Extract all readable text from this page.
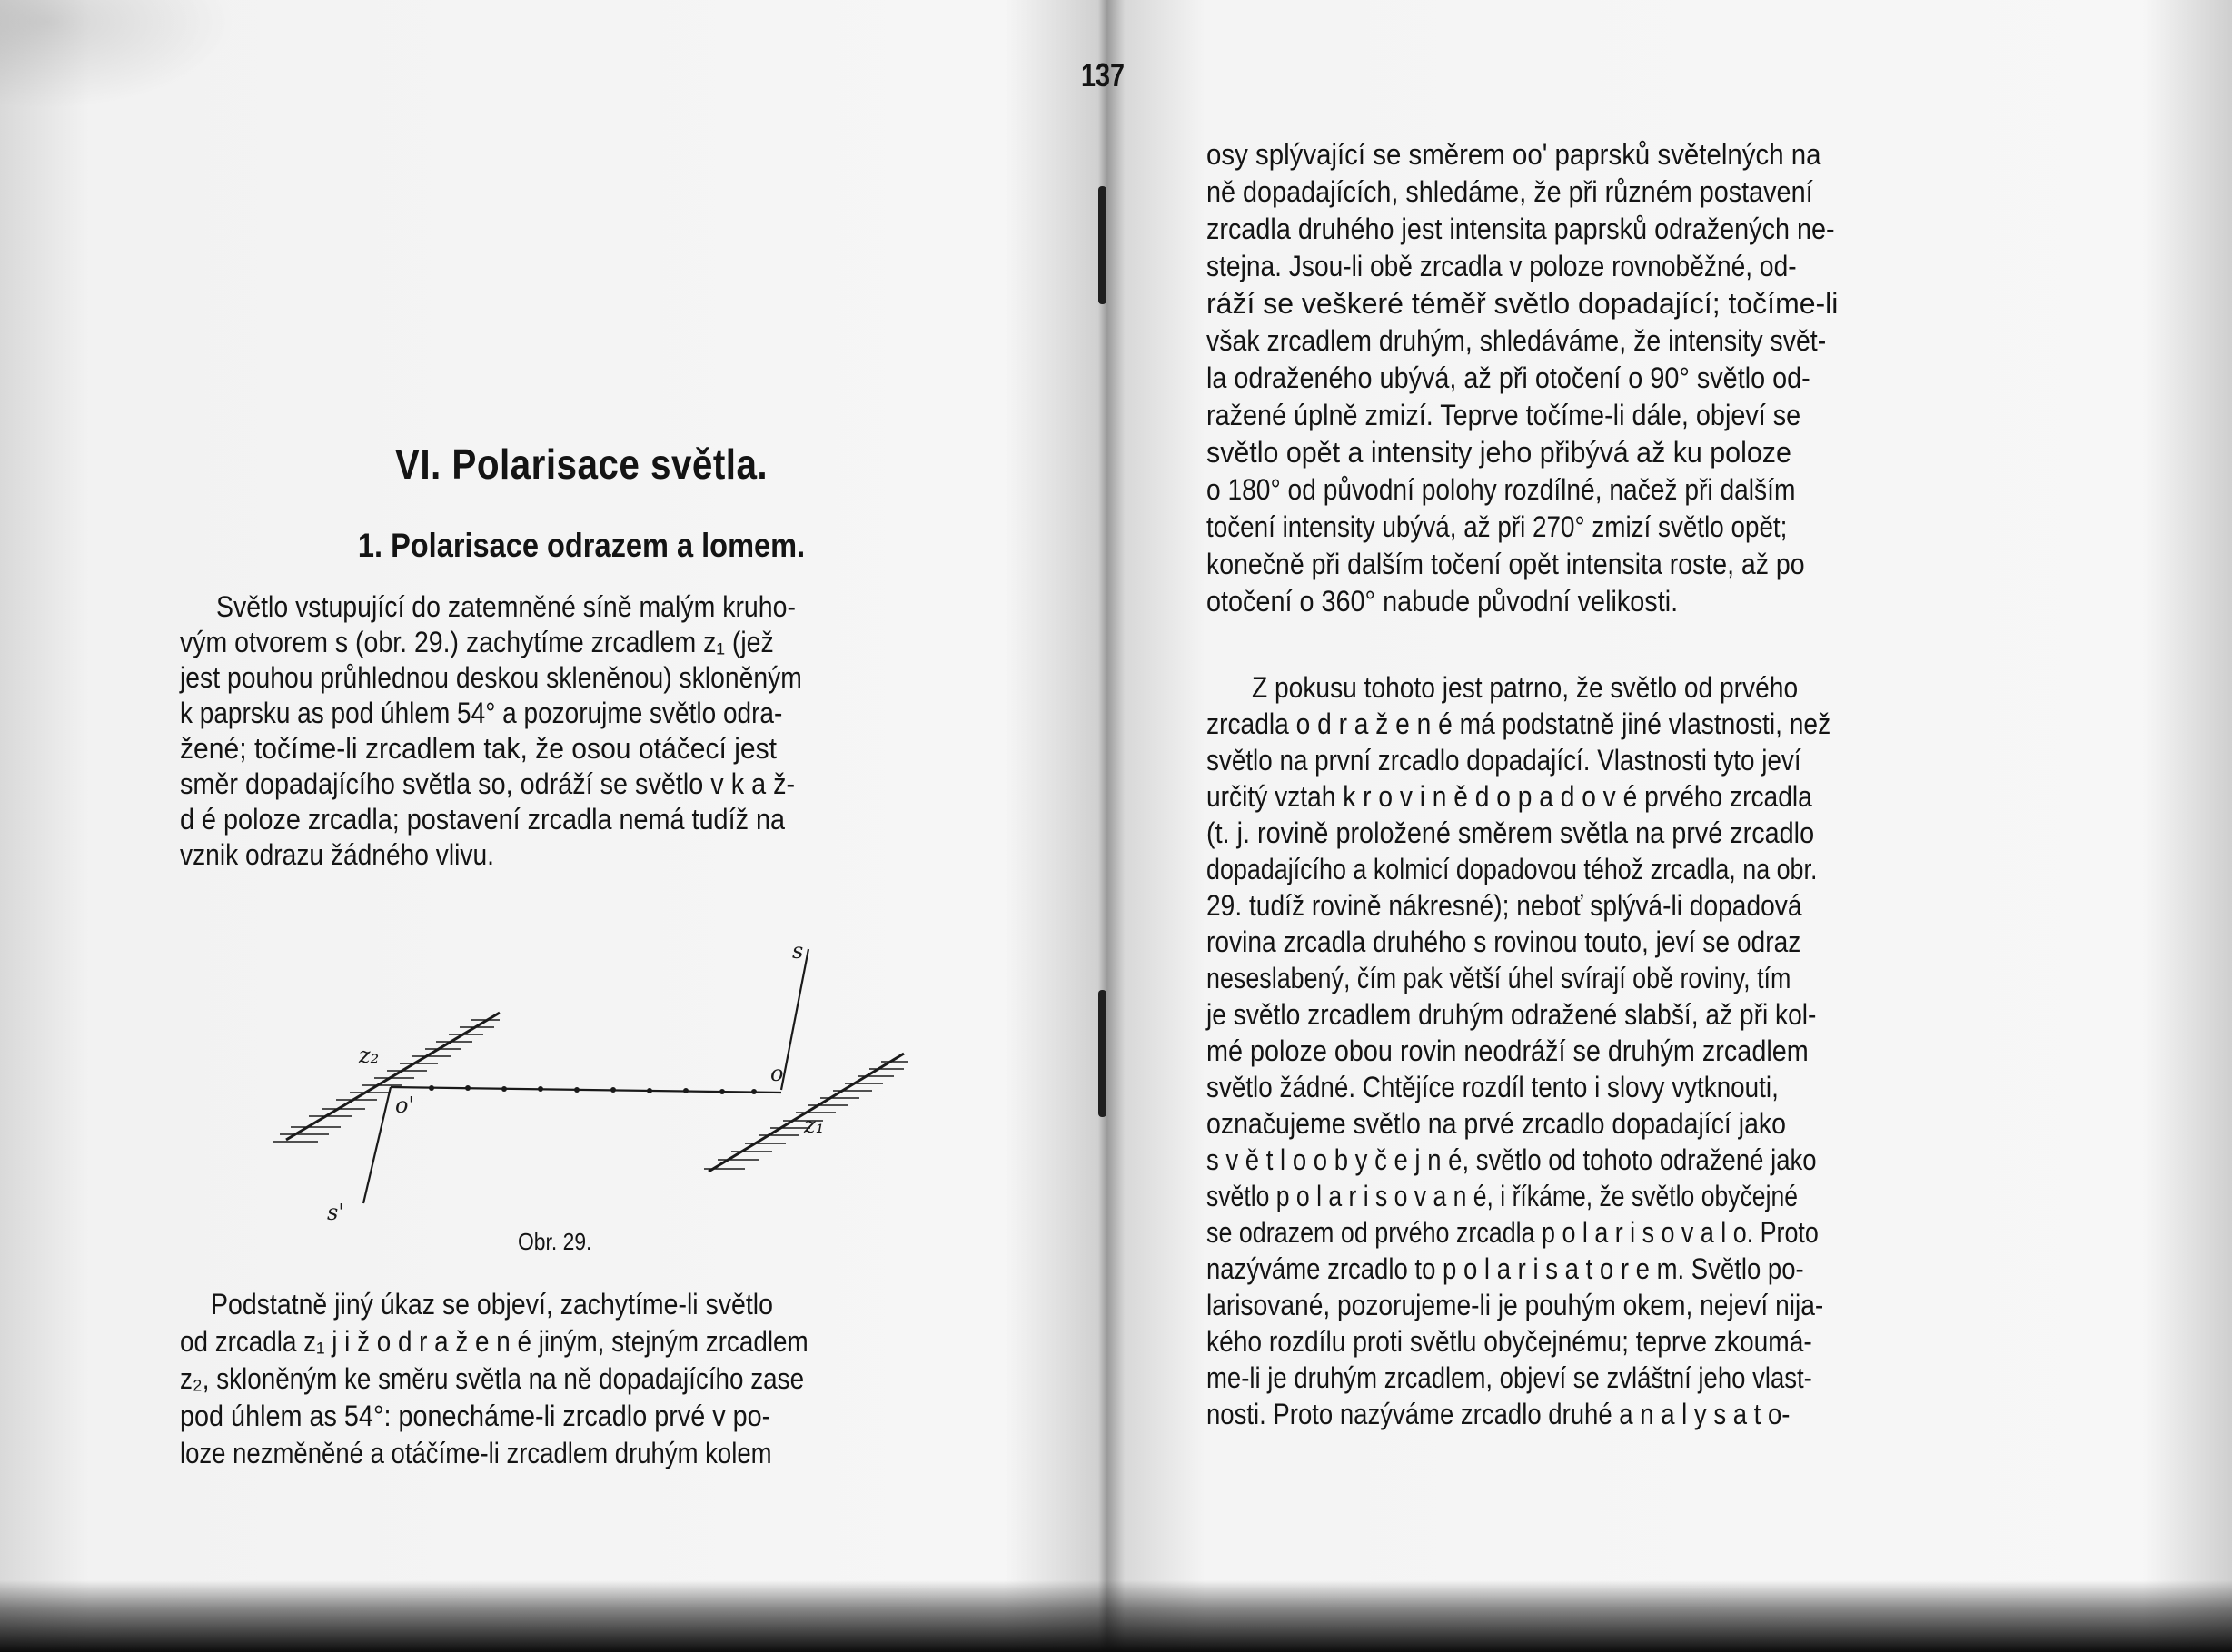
VI. Polarisace světla.
1. Polarisace odrazem a lomem.
Světlo vstupující do zatemněné síně malým kruho-
vým otvorem s (obr. 29.) zachytíme zrcadlem z₁ (jež
jest pouhou průhlednou deskou skleněnou) skloněným
k paprsku as pod úhlem 54° a pozorujme světlo odra-
žené; točíme-li zrcadlem tak, že osou otáčecí jest
směr dopadajícího světla so, odráží se světlo v k a ž-
d é poloze zrcadla; postavení zrcadla nemá tudíž na
vznik odrazu žádného vlivu.
s
s'
z₂
z₁
o'
o
Obr. 29.
Podstatně jiný úkaz se objeví, zachytíme-li světlo
od zrcadla z₁ j i ž o d r a ž e n é jiným, stejným zrcadlem
z₂, skloněným ke směru světla na ně dopadajícího zase
pod úhlem as 54°: ponecháme-li zrcadlo prvé v po-
loze nezměněné a otáčíme-li zrcadlem druhým kolem
137
osy splývající se směrem oo' paprsků světelných na
ně dopadajících, shledáme, že při různém postavení
zrcadla druhého jest intensita paprsků odražených ne-
stejna. Jsou-li obě zrcadla v poloze rovnoběžné, od-
ráží se veškeré téměř světlo dopadající; točíme-li
však zrcadlem druhým, shledáváme, že intensity svět-
la odraženého ubývá, až při otočení o 90° světlo od-
ražené úplně zmizí. Teprve točíme-li dále, objeví se
světlo opět a intensity jeho přibývá až ku poloze
o 180° od původní polohy rozdílné, načež při dalším
točení intensity ubývá, až při 270° zmizí světlo opět;
konečně při dalším točení opět intensita roste, až po
otočení o 360° nabude původní velikosti.
Z pokusu tohoto jest patrno, že světlo od prvého
zrcadla o d r a ž e n é má podstatně jiné vlastnosti, než
světlo na první zrcadlo dopadající. Vlastnosti tyto jeví
určitý vztah k r o v i n ě d o p a d o v é prvého zrcadla
(t. j. rovině proložené směrem světla na prvé zrcadlo
dopadajícího a kolmicí dopadovou téhož zrcadla, na obr.
29. tudíž rovině nákresné); neboť splývá-li dopadová
rovina zrcadla druhého s rovinou touto, jeví se odraz
neseslabený, čím pak větší úhel svírají obě roviny, tím
je světlo zrcadlem druhým odražené slabší, až při kol-
mé poloze obou rovin neodráží se druhým zrcadlem
světlo žádné. Chtějíce rozdíl tento i slovy vytknouti,
označujeme světlo na prvé zrcadlo dopadající jako
s v ě t l o o b y č e j n é, světlo od tohoto odražené jako
světlo p o l a r i s o v a n é, i říkáme, že světlo obyčejné
se odrazem od prvého zrcadla p o l a r i s o v a l o. Proto
nazýváme zrcadlo to p o l a r i s a t o r e m. Světlo po-
larisované, pozorujeme-li je pouhým okem, nejeví nija-
kého rozdílu proti světlu obyčejnému; teprve zkoumá-
me-li je druhým zrcadlem, objeví se zvláštní jeho vlast-
nosti. Proto nazýváme zrcadlo druhé a n a l y s a t o-
